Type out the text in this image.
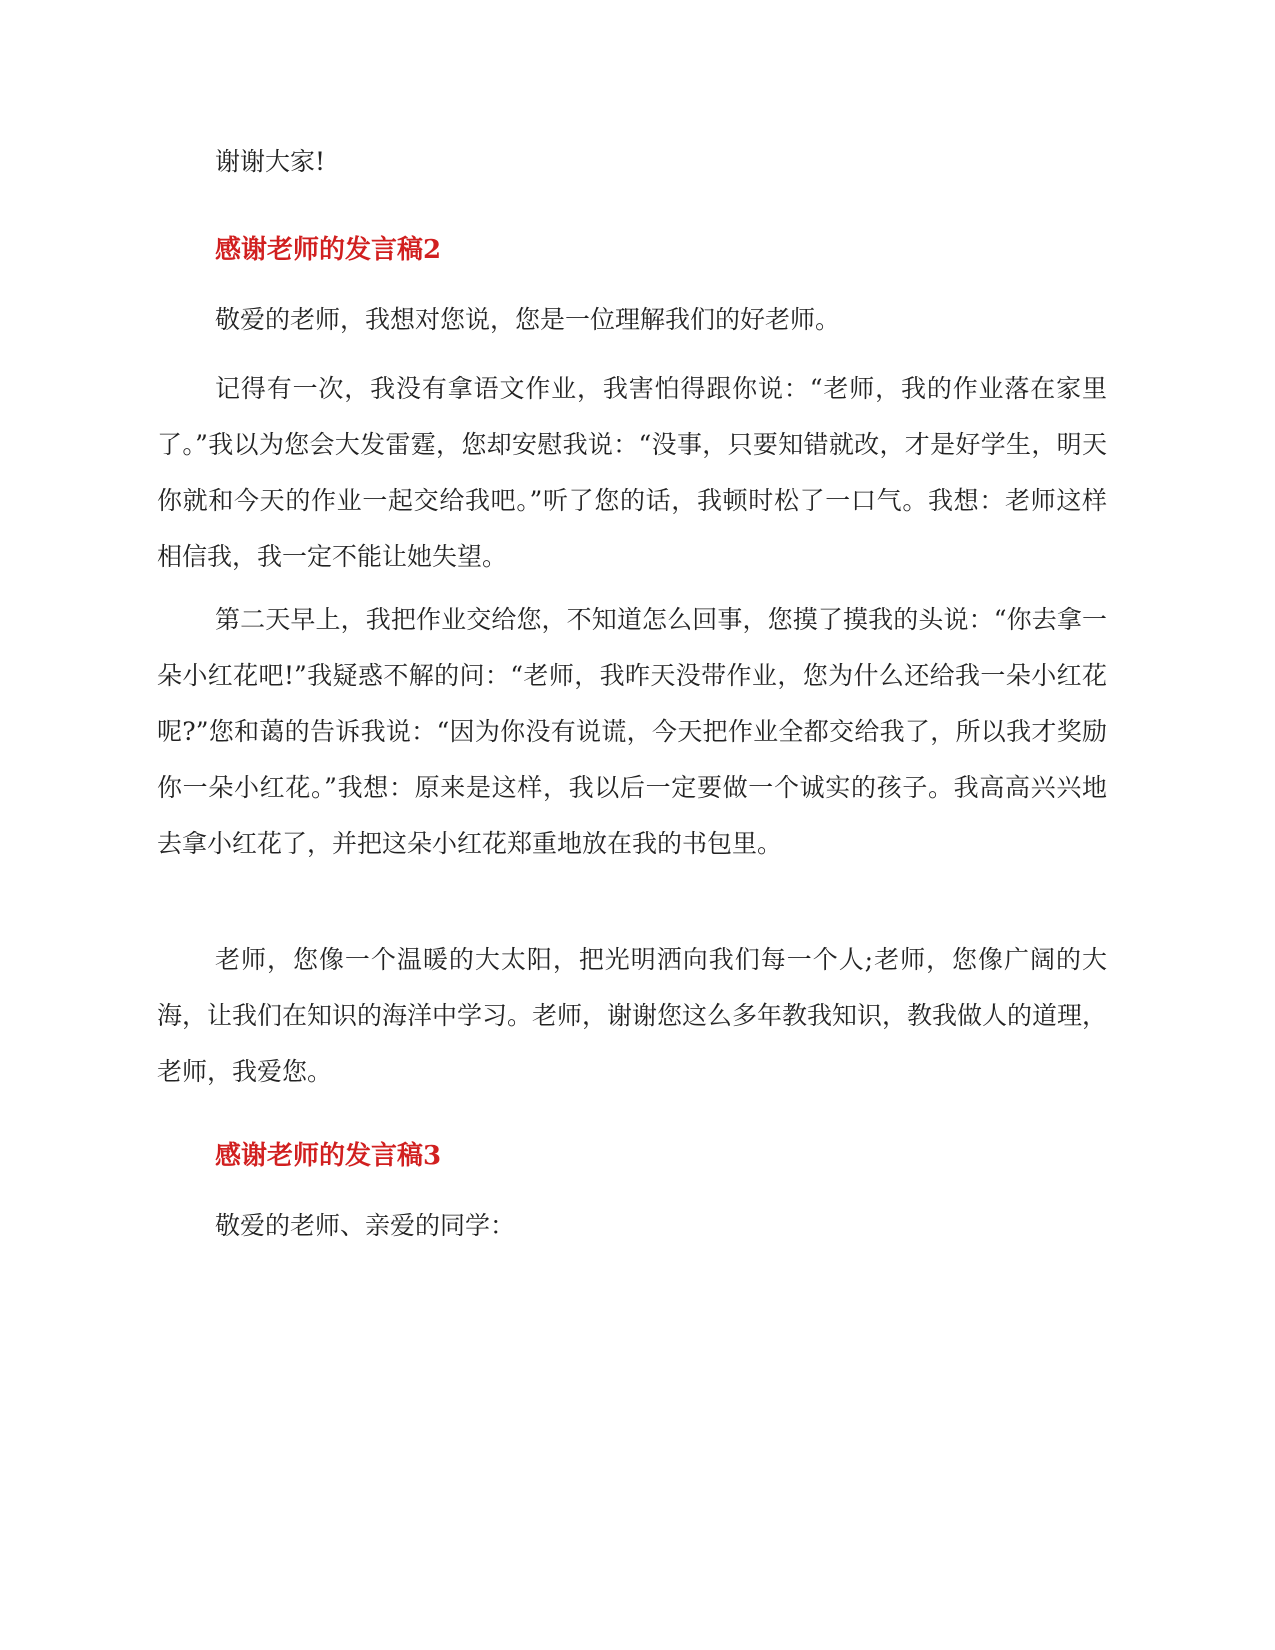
谢谢大家!

感谢老师的发言稿2

敬爱的老师，我想对您说，您是一位理解我们的好老师。

记得有一次，我没有拿语文作业，我害怕得跟你说：“老师，我的作业落在家里了。”我以为您会大发雷霆，您却安慰我说：“没事，只要知错就改，才是好学生，明天你就和今天的作业一起交给我吧。”听了您的话，我顿时松了一口气。我想：老师这样相信我，我一定不能让她失望。

第二天早上，我把作业交给您，不知道怎么回事，您摸了摸我的头说：“你去拿一朵小红花吧!”我疑惑不解的问：“老师，我昨天没带作业，您为什么还给我一朵小红花呢?”您和蔼的告诉我说：“因为你没有说谎，今天把作业全都交给我了，所以我才奖励你一朵小红花。”我想：原来是这样，我以后一定要做一个诚实的孩子。我高高兴兴地去拿小红花了，并把这朵小红花郑重地放在我的书包里。

老师，您像一个温暖的大太阳，把光明洒向我们每一个人;老师，您像广阔的大海，让我们在知识的海洋中学习。老师，谢谢您这么多年教我知识，教我做人的道理，老师，我爱您。

感谢老师的发言稿3

敬爱的老师、亲爱的同学：
